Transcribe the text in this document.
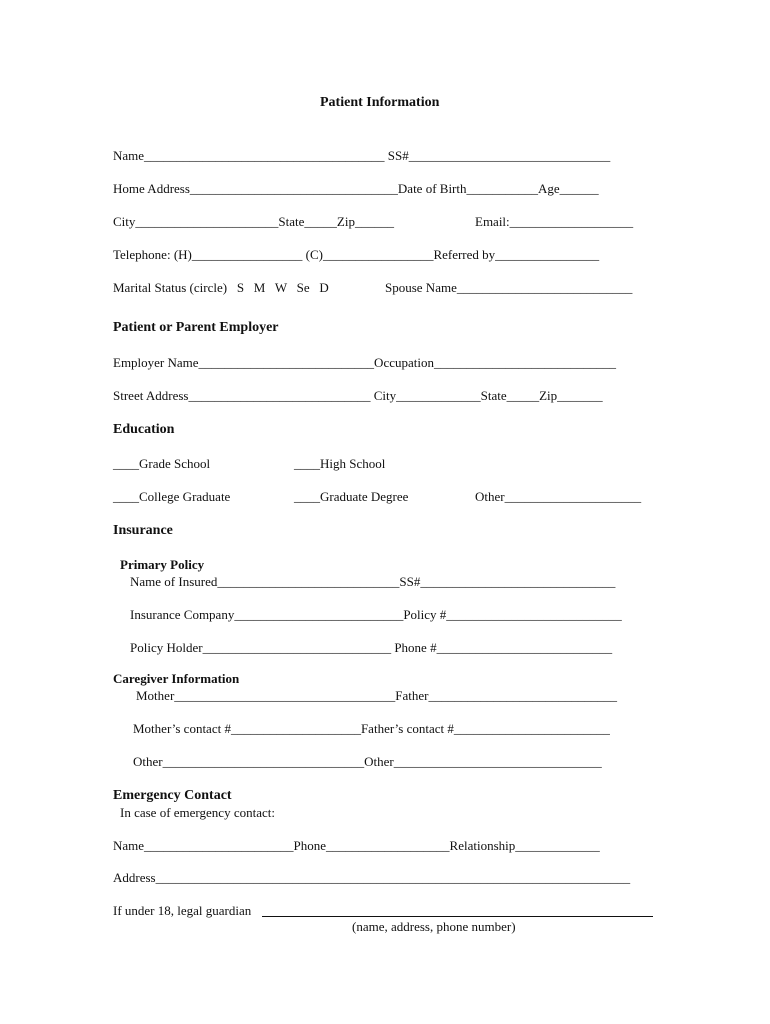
Patient Information
Name_____________________________________ SS#_______________________________
Home Address________________________________Date of Birth___________Age______
City______________________State_____Zip______	Email:___________________
Telephone: (H)_________________ (C)_________________Referred by________________
Marital Status (circle)   S   M   W   Se   D	Spouse Name___________________________
Patient or Parent Employer
Employer Name___________________________Occupation____________________________
Street Address____________________________ City_____________State_____Zip_______
Education
____Grade School	____High School
____College Graduate	____Graduate Degree	Other_____________________
Insurance
Primary Policy
Name of Insured____________________________SS#______________________________
Insurance Company__________________________Policy #___________________________
Policy Holder_____________________________ Phone #___________________________
Caregiver Information
Mother__________________________________Father_____________________________
Mother’s contact #____________________Father’s contact #________________________
Other_______________________________Other________________________________
Emergency Contact
In case of emergency contact:
Name_______________________Phone___________________Relationship_____________
Address_________________________________________________________________________
If under 18, legal guardian
(name, address, phone number)
